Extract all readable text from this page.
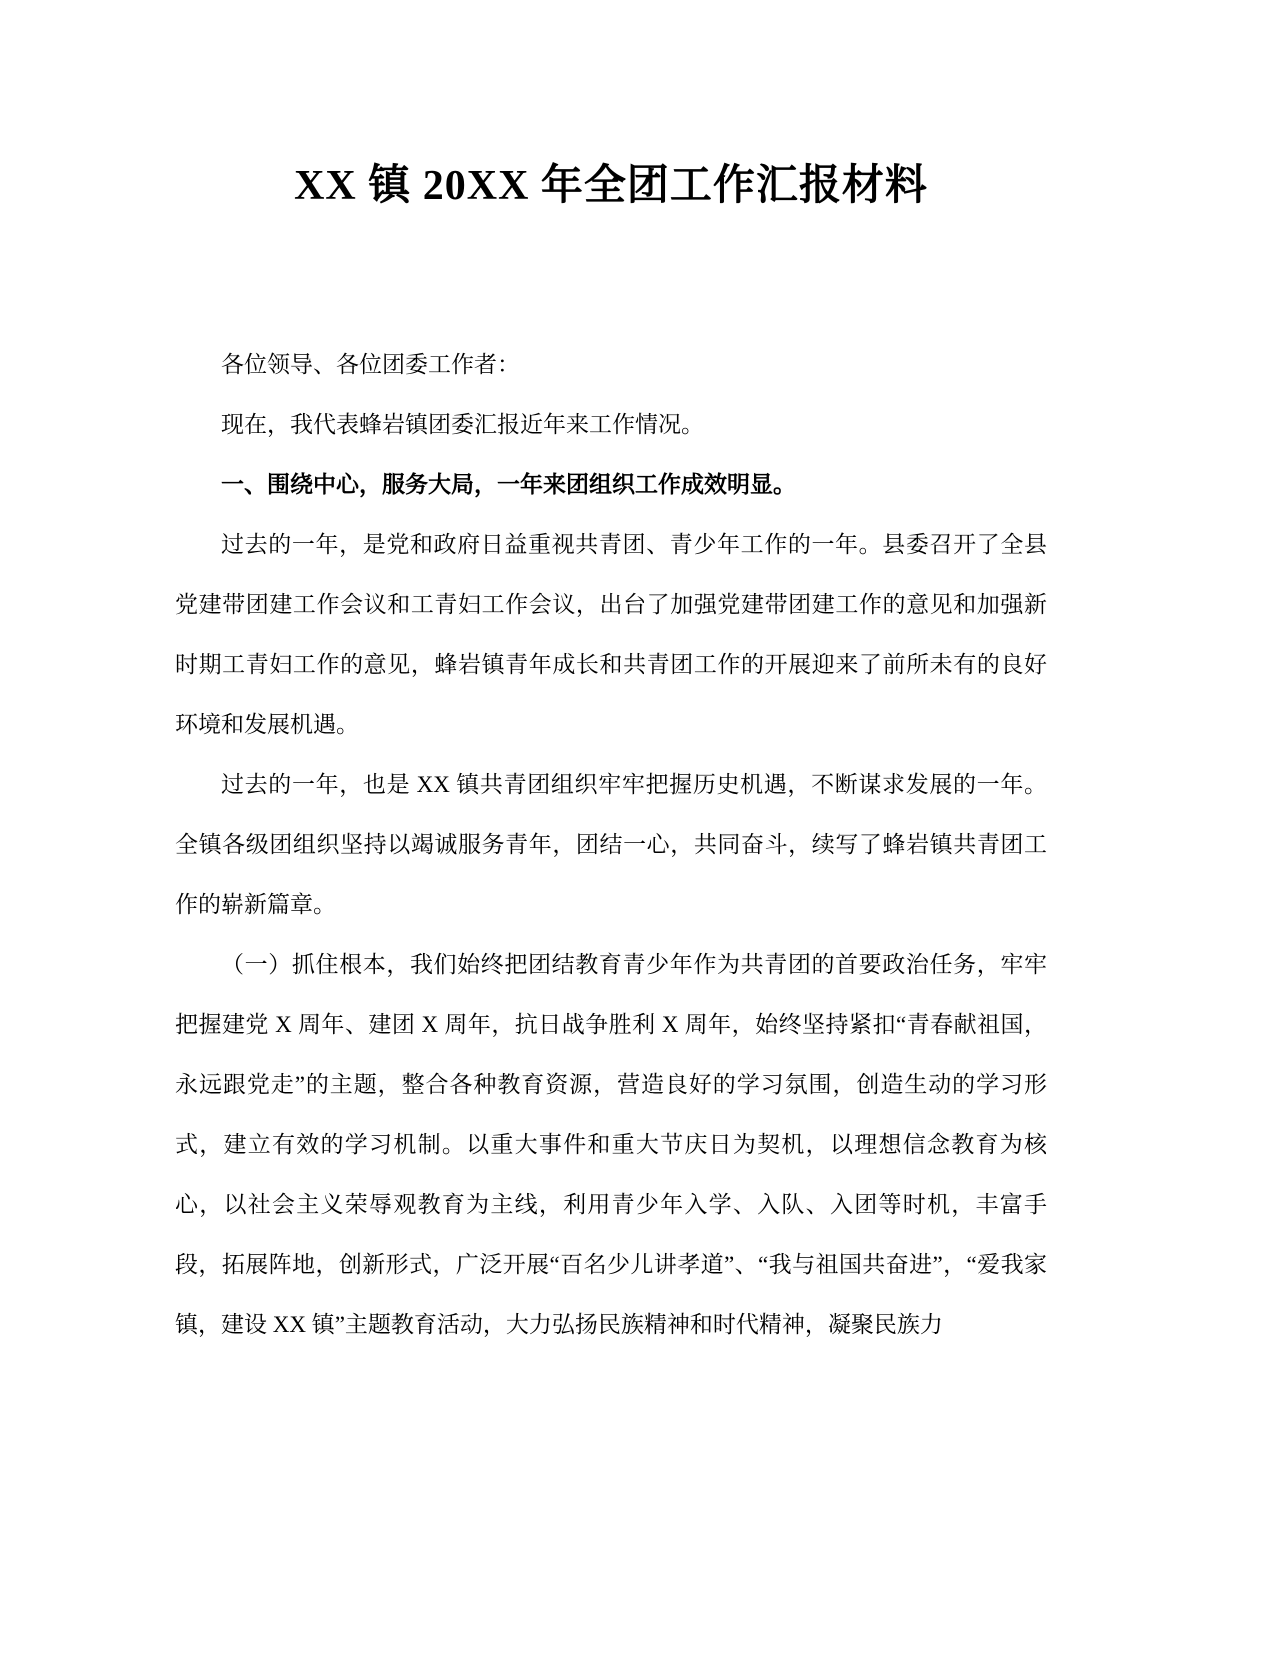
XX 镇 20XX 年全团工作汇报材料

各位领导、各位团委工作者：

现在，我代表蜂岩镇团委汇报近年来工作情况。

一、围绕中心，服务大局，一年来团组织工作成效明显。

过去的一年，是党和政府日益重视共青团、青少年工作的一年。县委召开了全县党建带团建工作会议和工青妇工作会议，出台了加强党建带团建工作的意见和加强新时期工青妇工作的意见，蜂岩镇青年成长和共青团工作的开展迎来了前所未有的良好环境和发展机遇。

过去的一年，也是 XX 镇共青团组织牢牢把握历史机遇，不断谋求发展的一年。全镇各级团组织坚持以竭诚服务青年，团结一心，共同奋斗，续写了蜂岩镇共青团工作的崭新篇章。

（一）抓住根本，我们始终把团结教育青少年作为共青团的首要政治任务，牢牢把握建党 X 周年、建团 X 周年，抗日战争胜利 X 周年，始终坚持紧扣“青春献祖国，永远跟党走”的主题，整合各种教育资源，营造良好的学习氛围，创造生动的学习形式，建立有效的学习机制。以重大事件和重大节庆日为契机，以理想信念教育为核心，以社会主义荣辱观教育为主线，利用青少年入学、入队、入团等时机，丰富手段，拓展阵地，创新形式，广泛开展“百名少儿讲孝道”、“我与祖国共奋进”，“爱我家镇，建设 XX 镇”主题教育活动，大力弘扬民族精神和时代精神，凝聚民族力
